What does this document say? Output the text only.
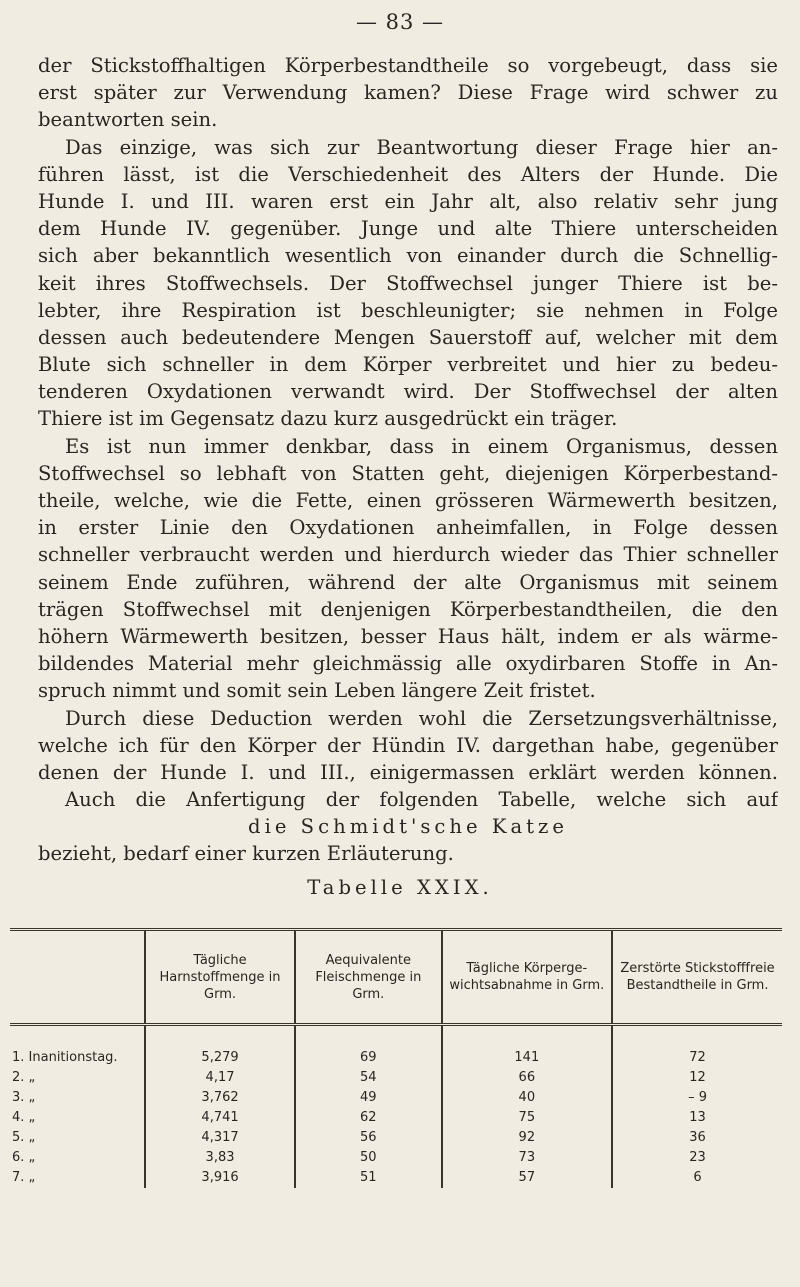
— 83 —
der Stickstoffhaltigen Körperbestandtheile so vorgebeugt, dass sie
erst später zur Verwendung kamen? Diese Frage wird schwer zu
beantworten sein.
Das einzige, was sich zur Beantwortung dieser Frage hier an-
führen lässt, ist die Verschiedenheit des Alters der Hunde. Die
Hunde I. und III. waren erst ein Jahr alt, also relativ sehr jung
dem Hunde IV. gegenüber. Junge und alte Thiere unterscheiden
sich aber bekanntlich wesentlich von einander durch die Schnellig-
keit ihres Stoffwechsels. Der Stoffwechsel junger Thiere ist be-
lebter, ihre Respiration ist beschleunigter; sie nehmen in Folge
dessen auch bedeutendere Mengen Sauerstoff auf, welcher mit dem
Blute sich schneller in dem Körper verbreitet und hier zu bedeu-
tenderen Oxydationen verwandt wird. Der Stoffwechsel der alten
Thiere ist im Gegensatz dazu kurz ausgedrückt ein träger.
Es ist nun immer denkbar, dass in einem Organismus, dessen
Stoffwechsel so lebhaft von Statten geht, diejenigen Körperbestand-
theile, welche, wie die Fette, einen grösseren Wärmewerth besitzen,
in erster Linie den Oxydationen anheimfallen, in Folge dessen
schneller verbraucht werden und hierdurch wieder das Thier schneller
seinem Ende zuführen, während der alte Organismus mit seinem
trägen Stoffwechsel mit denjenigen Körperbestandtheilen, die den
höhern Wärmewerth besitzen, besser Haus hält, indem er als wärme-
bildendes Material mehr gleichmässig alle oxydirbaren Stoffe in An-
spruch nimmt und somit sein Leben längere Zeit fristet.
Durch diese Deduction werden wohl die Zersetzungsverhältnisse,
welche ich für den Körper der Hündin IV. dargethan habe, gegenüber
denen der Hunde I. und III., einigermassen erklärt werden können.
Auch die Anfertigung der folgenden Tabelle, welche sich auf
die Schmidt'sche Katze
bezieht, bedarf einer kurzen Erläuterung.
Tabelle XXIX.
	Tägliche Harnstoffmenge in Grm.	Aequivalente Fleischmenge in Grm.	Tägliche Körperge-wichtsabnahme in Grm.	Zerstörte Stickstofffreie Bestandtheile in Grm.
1. Inanitionstag.	5,279	69	141	72
2. „	4,17	54	66	12
3. „	3,762	49	40	– 9
4. „	4,741	62	75	13
5. „	4,317	56	92	36
6. „	3,83	50	73	23
7. „	3,916	51	57	6
